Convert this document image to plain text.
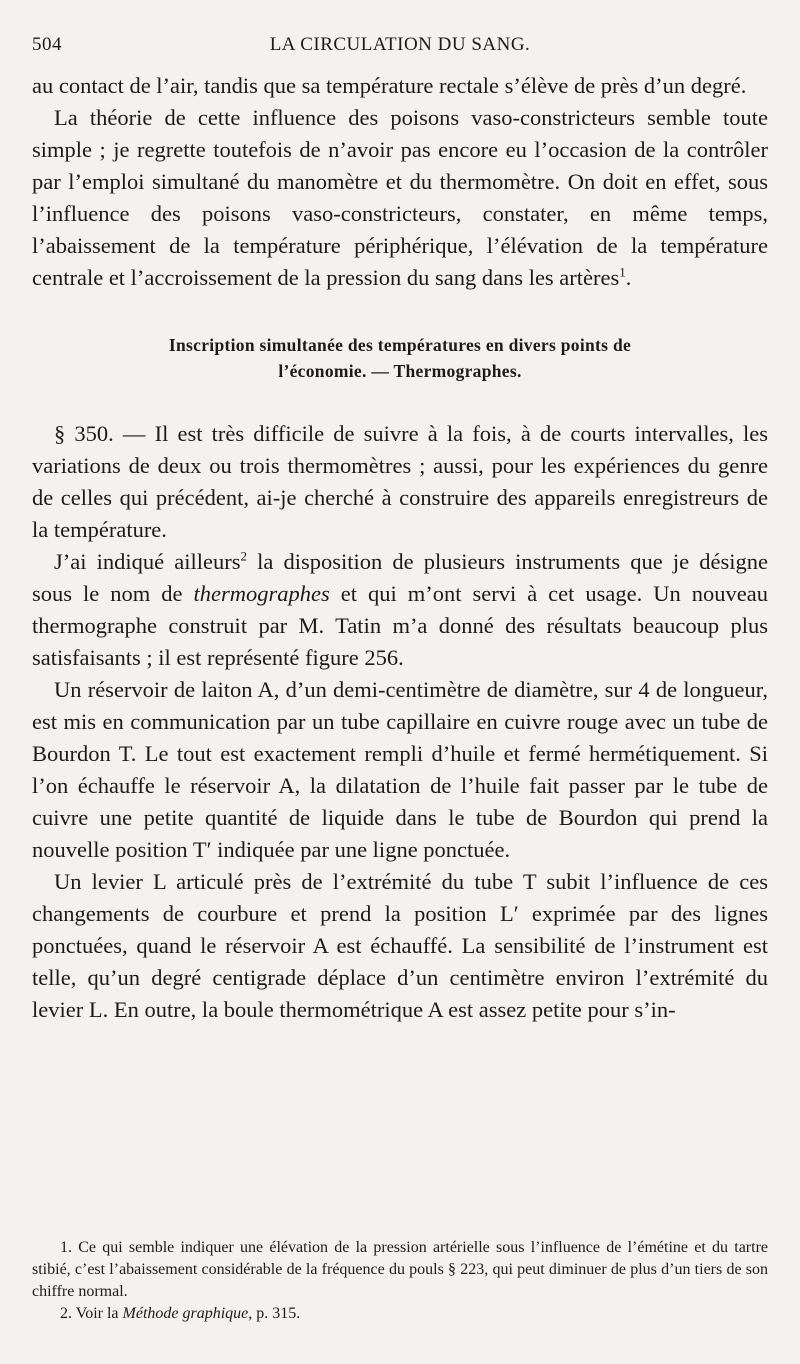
504	LA CIRCULATION DU SANG.

au contact de l’air, tandis que sa température rectale s’élève de près d’un degré.

La théorie de cette influence des poisons vaso-constricteurs semble toute simple ; je regrette toutefois de n’avoir pas encore eu l’occasion de la contrôler par l’emploi simultané du manomètre et du thermomètre. On doit en effet, sous l’influence des poisons vaso-constricteurs, constater, en même temps, l’abaissement de la température périphérique, l’élévation de la température centrale et l’accroissement de la pression du sang dans les artères$^1$.

Inscription simultanée des températures en divers points de
l’économie. — Thermographes.

§ 350. — Il est très difficile de suivre à la fois, à de courts intervalles, les variations de deux ou trois thermomètres ; aussi, pour les expériences du genre de celles qui précédent, ai-je cherché à construire des appareils enregistreurs de la température.

J’ai indiqué ailleurs$^2$ la disposition de plusieurs instruments que je désigne sous le nom de thermographes et qui m’ont servi à cet usage. Un nouveau thermographe construit par M. Tatin m’a donné des résultats beaucoup plus satisfaisants ; il est représenté figure 256.

Un réservoir de laiton A, d’un demi-centimètre de diamètre, sur 4 de longueur, est mis en communication par un tube capillaire en cuivre rouge avec un tube de Bourdon T. Le tout est exactement rempli d’huile et fermé hermétiquement. Si l’on échauffe le réservoir A, la dilatation de l’huile fait passer par le tube de cuivre une petite quantité de liquide dans le tube de Bourdon qui prend la nouvelle position T′ indiquée par une ligne ponctuée.

Un levier L articulé près de l’extrémité du tube T subit l’influence de ces changements de courbure et prend la position L′ exprimée par des lignes ponctuées, quand le réservoir A est échauffé. La sensibilité de l’instrument est telle, qu’un degré centigrade déplace d’un centimètre environ l’extrémité du levier L. En outre, la boule thermométrique A est assez petite pour s’in-

1. Ce qui semble indiquer une élévation de la pression artérielle sous l’influence de l’émétine et du tartre stibié, c’est l’abaissement considérable de la fréquence du pouls § 223, qui peut diminuer de plus d’un tiers de son chiffre normal.

2. Voir la Méthode graphique, p. 315.
